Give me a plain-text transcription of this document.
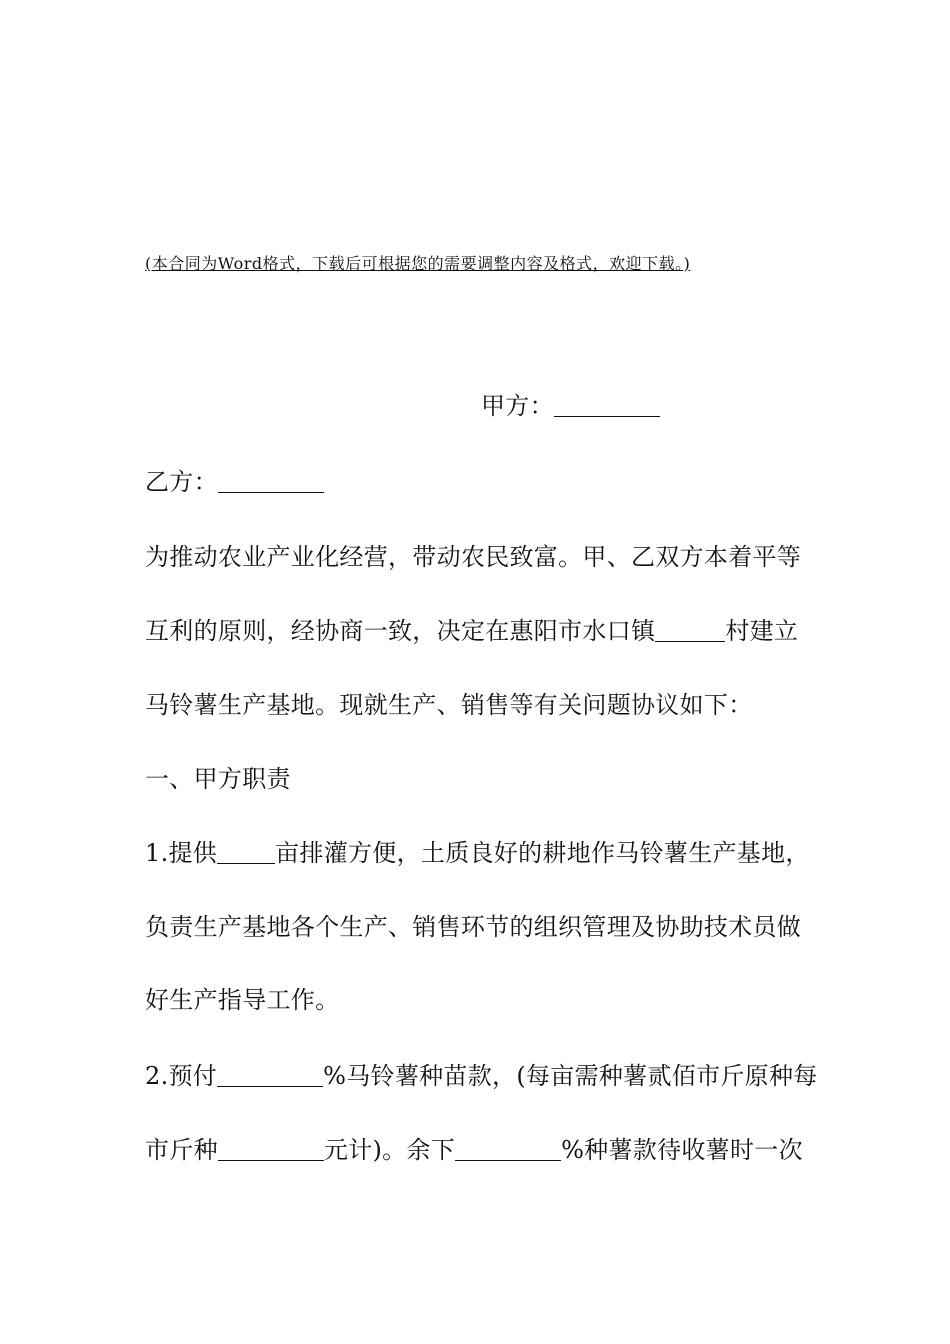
(本合同为Word格式，下载后可根据您的需要调整内容及格式，欢迎下载。)
甲方：
乙方：
为推动农业产业化经营，带动农民致富。甲、乙双方本着平等
互利的原则，经协商一致，决定在惠阳市水口镇	村建立
马铃薯生产基地。现就生产、销售等有关问题协议如下：
一、甲方职责
1.提供 亩排灌方便，土质良好的耕地作马铃薯生产基地，
负责生产基地各个生产、销售环节的组织管理及协助技术员做
好生产指导工作。
2.预付	%马铃薯种苗款，(每亩需种薯贰佰市斤原种每
市斤种	元计)。余下	%种薯款待收薯时一次
